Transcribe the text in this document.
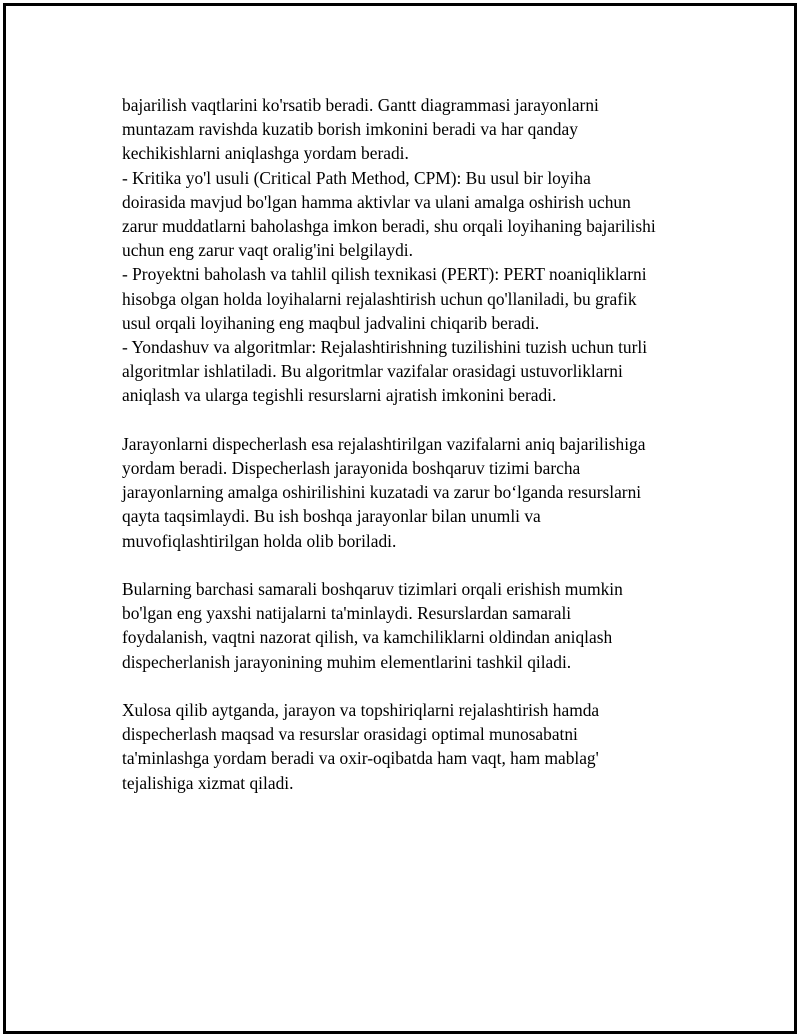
bajarilish vaqtlarini ko'rsatib beradi. Gantt diagrammasi jarayonlarni
muntazam ravishda kuzatib borish imkonini beradi va har qanday
kechikishlarni aniqlashga yordam beradi.
- Kritika yo'l usuli (Critical Path Method, CPM): Bu usul bir loyiha
doirasida mavjud bo'lgan hamma aktivlar va ulani amalga oshirish uchun
zarur muddatlarni baholashga imkon beradi, shu orqali loyihaning bajarilishi
uchun eng zarur vaqt oralig'ini belgilaydi.
- Proyektni baholash va tahlil qilish texnikasi (PERT): PERT noaniqliklarni
hisobga olgan holda loyihalarni rejalashtirish uchun qo'llaniladi, bu grafik
usul orqali loyihaning eng maqbul jadvalini chiqarib beradi.
- Yondashuv va algoritmlar: Rejalashtirishning tuzilishini tuzish uchun turli
algoritmlar ishlatiladi. Bu algoritmlar vazifalar orasidagi ustuvorliklarni
aniqlash va ularga tegishli resurslarni ajratish imkonini beradi.
Jarayonlarni dispecherlash esa rejalashtirilgan vazifalarni aniq bajarilishiga
yordam beradi. Dispecherlash jarayonida boshqaruv tizimi barcha
jarayonlarning amalga oshirilishini kuzatadi va zarur bo‘lganda resurslarni
qayta taqsimlaydi. Bu ish boshqa jarayonlar bilan unumli va
muvofiqlashtirilgan holda olib boriladi.
Bularning barchasi samarali boshqaruv tizimlari orqali erishish mumkin
bo'lgan eng yaxshi natijalarni ta'minlaydi. Resurslardan samarali
foydalanish, vaqtni nazorat qilish, va kamchiliklarni oldindan aniqlash
dispecherlanish jarayonining muhim elementlarini tashkil qiladi.
Xulosa qilib aytganda, jarayon va topshiriqlarni rejalashtirish hamda
dispecherlash maqsad va resurslar orasidagi optimal munosabatni
ta'minlashga yordam beradi va oxir-oqibatda ham vaqt, ham mablag'
tejalishiga xizmat qiladi.
